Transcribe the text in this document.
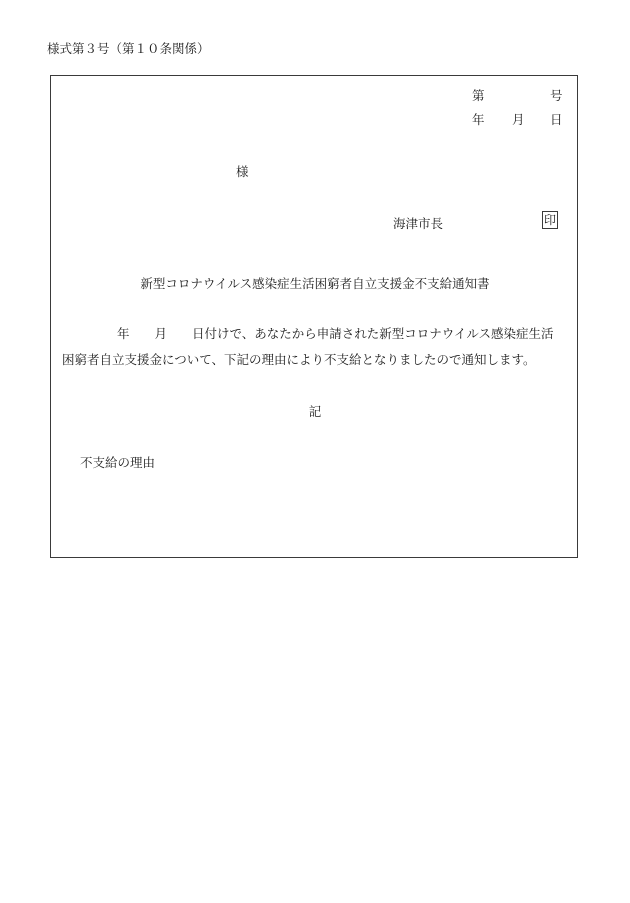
様式第３号（第１０条関係）
第	号
年 月 日
様
海津市長	印
新型コロナウイルス感染症生活困窮者自立支援金不支給通知書
年　　月　　日付けで、あなたから申請された新型コロナウイルス感染症生活
困窮者自立支援金について、下記の理由により不支給となりましたので通知します。
記
不支給の理由
